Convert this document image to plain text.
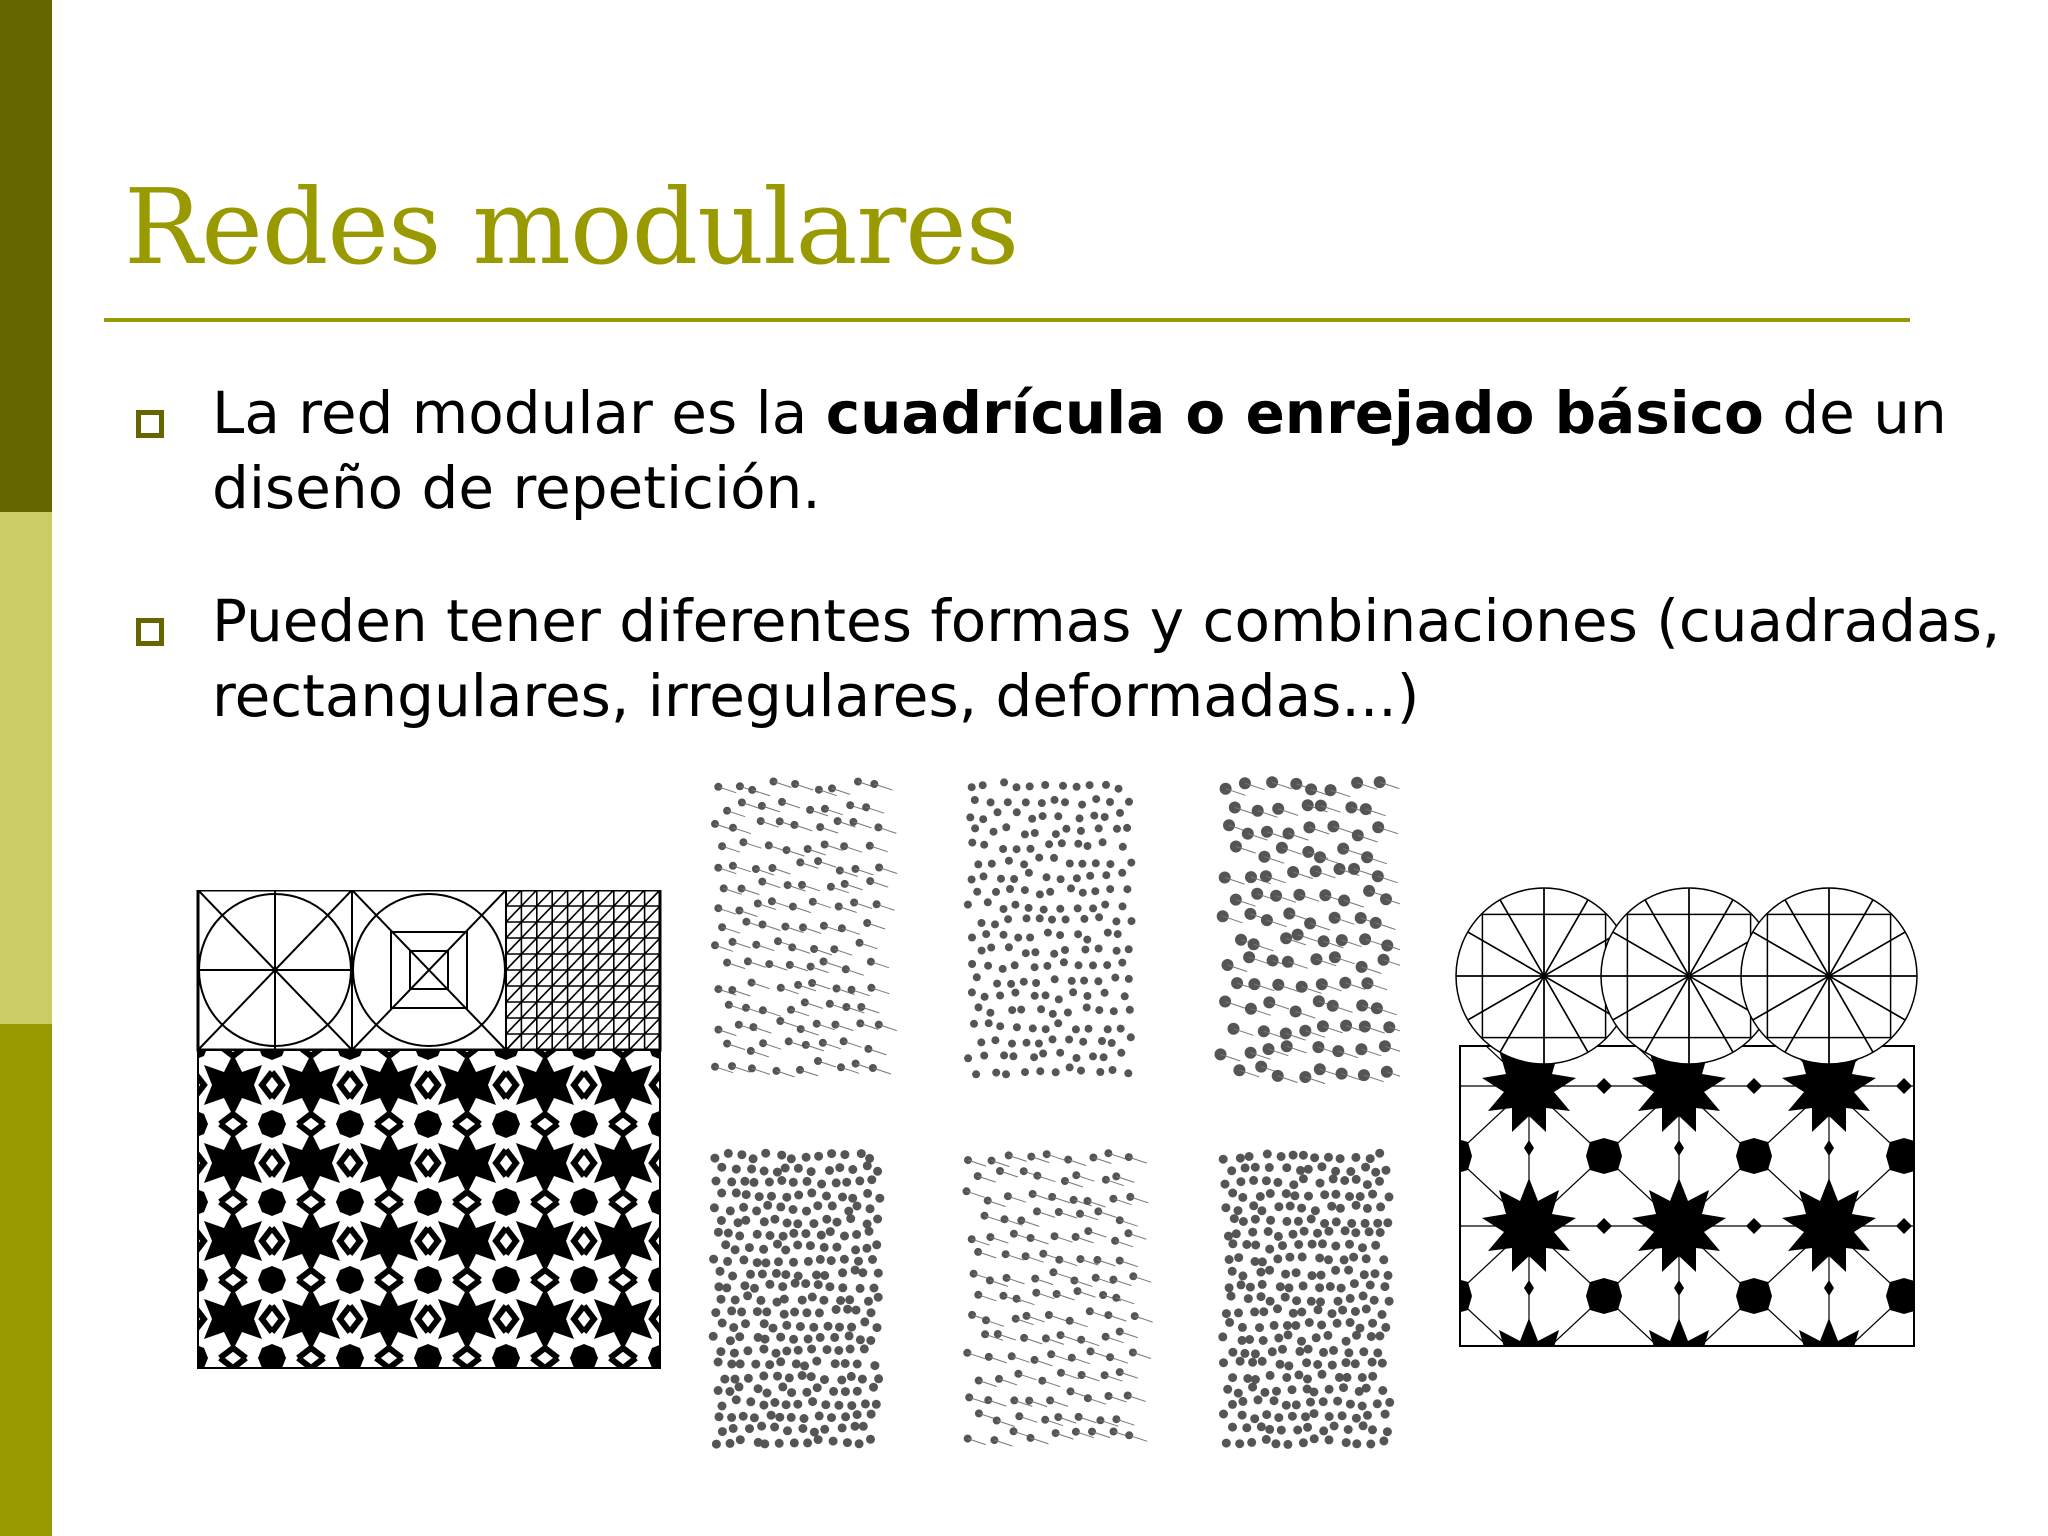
Redes modulares
La red modular es la cuadrícula o enrejado básico de un diseño de repetición.
Pueden tener diferentes formas y combinaciones (cuadradas, rectangulares, irregulares, deformadas...)
